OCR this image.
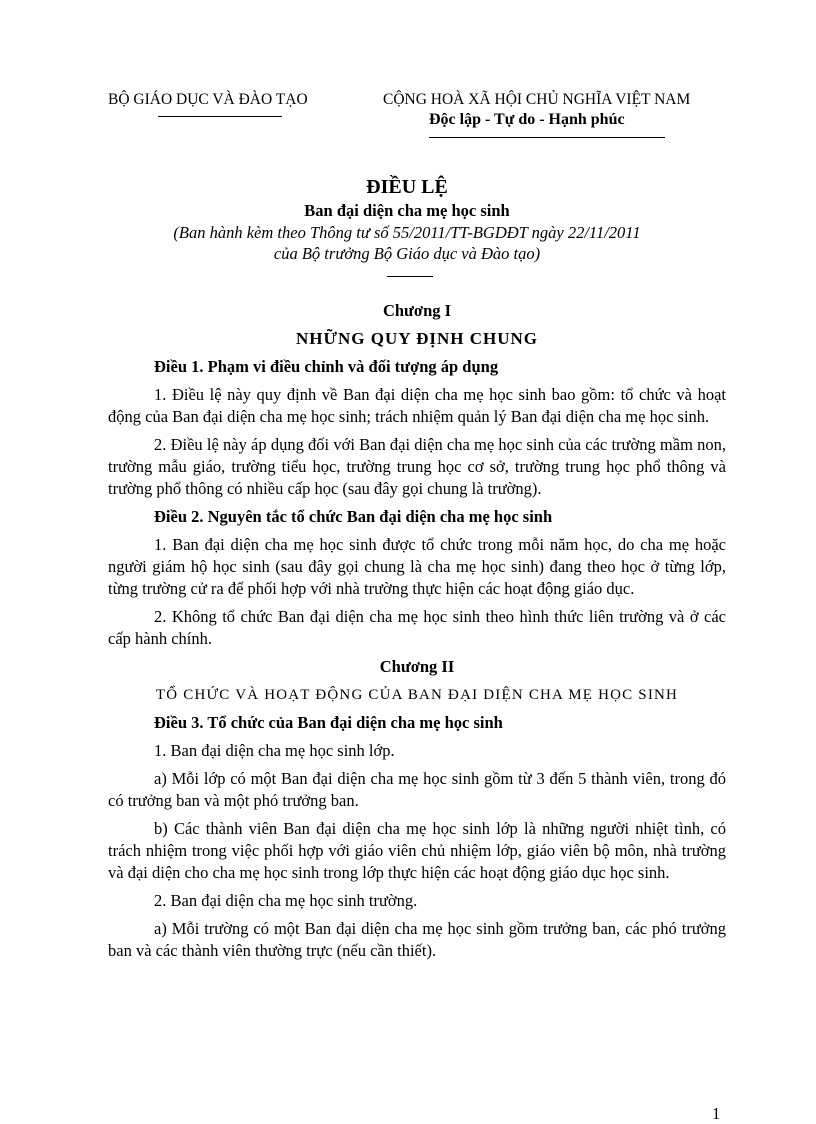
BỘ GIÁO DỤC VÀ ĐÀO TẠO	CỘNG HOÀ XÃ HỘI CHỦ NGHĨA VIỆT NAM
Độc lập - Tự do - Hạnh phúc
ĐIỀU LỆ
Ban đại diện cha mẹ học sinh
(Ban hành kèm theo Thông tư số 55/2011/TT-BGDĐT ngày 22/11/2011
của Bộ trưởng Bộ Giáo dục và Đào tạo)

Chương I

NHỮNG QUY ĐỊNH CHUNG

Điều 1. Phạm vi điều chỉnh và đối tượng áp dụng

1. Điều lệ này quy định về Ban đại diện cha mẹ học sinh bao gồm: tổ chức và hoạt động của Ban đại diện cha mẹ học sinh; trách nhiệm quản lý Ban đại diện cha mẹ học sinh.

2. Điều lệ này áp dụng đối với Ban đại diện cha mẹ học sinh của các trường mầm non, trường mẫu giáo, trường tiểu học, trường trung học cơ sở, trường trung học phổ thông và trường phổ thông có nhiều cấp học (sau đây gọi chung là trường).

Điều 2. Nguyên tắc tổ chức Ban đại diện cha mẹ học sinh

1. Ban đại diện cha mẹ học sinh được tổ chức trong mỗi năm học, do cha mẹ hoặc người giám hộ học sinh (sau đây gọi chung là cha mẹ học sinh) đang theo học ở từng lớp, từng trường cử ra để phối hợp với nhà trường thực hiện các hoạt động giáo dục.

2. Không tổ chức Ban đại diện cha mẹ học sinh theo hình thức liên trường và ở các cấp hành chính.

Chương II

TỔ CHỨC VÀ HOẠT ĐỘNG CỦA BAN ĐẠI DIỆN CHA MẸ HỌC SINH

Điều 3. Tổ chức của Ban đại diện cha mẹ học sinh

1. Ban đại diện cha mẹ học sinh lớp.

a) Mỗi lớp có một Ban đại diện cha mẹ học sinh gồm từ 3 đến 5 thành viên, trong đó có trưởng ban và một phó trưởng ban.

b) Các thành viên Ban đại diện cha mẹ học sinh lớp là những người nhiệt tình, có trách nhiệm trong việc phối hợp với giáo viên chủ nhiệm lớp, giáo viên bộ môn, nhà trường và đại diện cho cha mẹ học sinh trong lớp thực hiện các hoạt động giáo dục học sinh.

2. Ban đại diện cha mẹ học sinh trường.

a) Mỗi trường có một Ban đại diện cha mẹ học sinh gồm trưởng ban, các phó trưởng ban và các thành viên thường trực (nếu cần thiết).

1
